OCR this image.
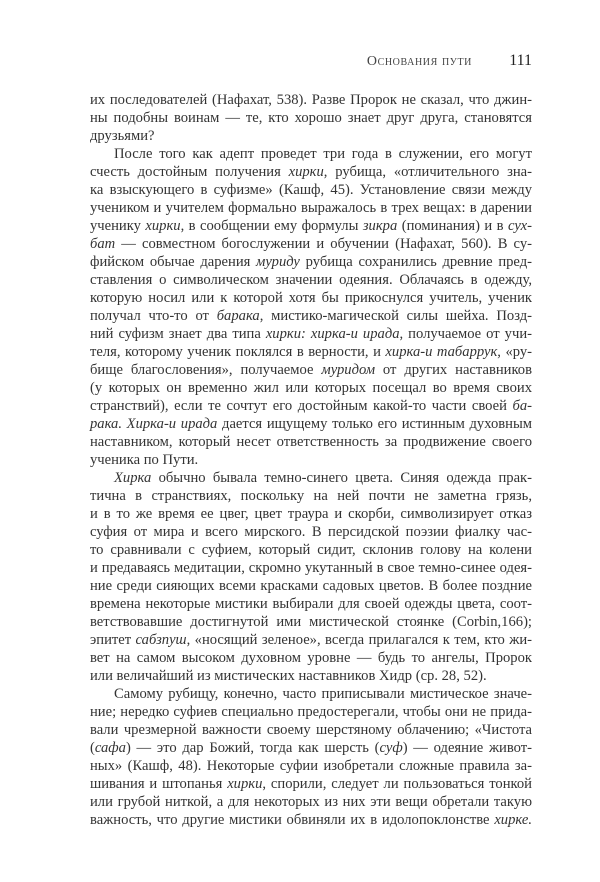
Основания пути 111
их последователей (Нафахат, 538). Разве Пророк не сказал, что джин-
ны подобны воинам — те, кто хорошо знает друг друга, становятся
друзьями?
После того как адепт проведет три года в служении, его могут
счесть достойным получения хирки, рубища, «отличительного зна-
ка взыскующего в суфизме» (Кашф, 45). Установление связи между
учеником и учителем формально выражалось в трех вещах: в дарении
ученику хирки, в сообщении ему формулы зикра (поминания) и в сух-
бат — совместном богослужении и обучении (Нафахат, 560). В су-
фийском обычае дарения муриду рубища сохранились древние пред-
ставления о символическом значении одеяния. Облачаясь в одежду,
которую носил или к которой хотя бы прикоснулся учитель, ученик
получал что-то от барака, мистико-магической силы шейха. Позд-
ний суфизм знает два типа хирки: хирка-и ирада, получаемое от учи-
теля, которому ученик поклялся в верности, и хирка-и табаррук, «ру-
бище благословения», получаемое муридом от других наставников
(у которых он временно жил или которых посещал во время своих
странствий), если те сочтут его достойным какой-то части своей ба-
рака. Хирка-и ирада дается ищущему только его истинным духовным
наставником, который несет ответственность за продвижение своего
ученика по Пути.
Хирка обычно бывала темно-синего цвета. Синяя одежда прак-
тична в странствиях, поскольку на ней почти не заметна грязь,
и в то же время ее цвег, цвет траура и скорби, символизирует отказ
суфия от мира и всего мирского. В персидской поэзии фиалку час-
то сравнивали с суфием, который сидит, склонив голову на колени
и предаваясь медитации, скромно укутанный в свое темно-синее одея-
ние среди сияющих всеми красками садовых цветов. В более поздние
времена некоторые мистики выбирали для своей одежды цвета, соот-
ветствовавшие достигнутой ими мистической стоянке (Corbin,166);
эпитет сабзпуш, «носящий зеленое», всегда прилагался к тем, кто жи-
вет на самом высоком духовном уровне — будь то ангелы, Пророк
или величайший из мистических наставников Хидр (ср. 28, 52).
Самому рубищу, конечно, часто приписывали мистическое значе-
ние; нередко суфиев специально предостерегали, чтобы они не прида-
вали чрезмерной важности своему шерстяному облачению; «Чистота
(сафа) — это дар Божий, тогда как шерсть (суф) — одеяние живот-
ных» (Кашф, 48). Некоторые суфии изобретали сложные правила за-
шивания и штопанья хирки, спорили, следует ли пользоваться тонкой
или грубой ниткой, а для некоторых из них эти вещи обретали такую
важность, что другие мистики обвиняли их в идолопоклонстве хирке.
